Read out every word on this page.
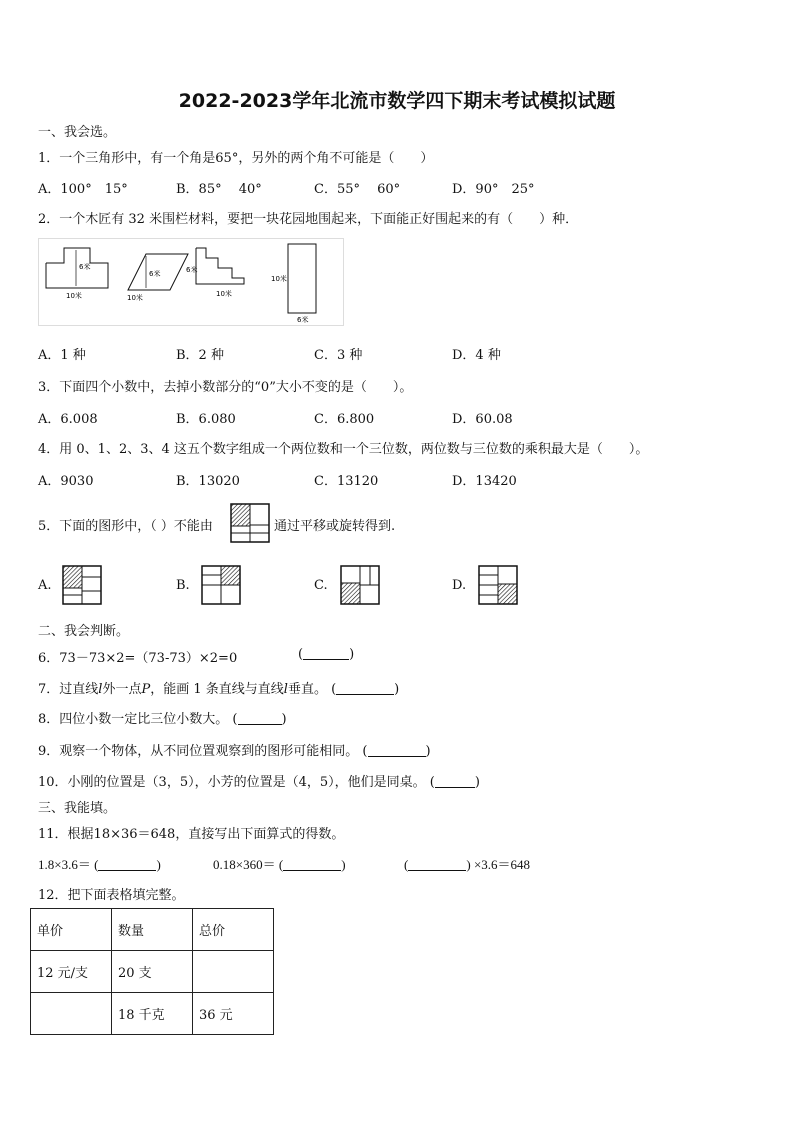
2022-2023学年北流市数学四下期末考试模拟试题
一、我会选。
1．一个三角形中，有一个角是65°，另外的两个角不可能是（　　）
A．100°　15°	B．85°　 40°	C．55°　 60°	D．90°　25°
2．一个木匠有 32 米围栏材料，要把一块花园地围起来，下面能正好围起来的有（　　）种．
6米
10米
6米
10米
6米
10米
10米
6米
A．1 种	B．2 种	C．3 种	D．4 种
3．下面四个小数中，去掉小数部分的“0”大小不变的是（　　）。
A．6.008	B．6.080	C．6.800	D．60.08
4．用 0、1、2、3、4 这五个数字组成一个两位数和一个三位数，两位数与三位数的乘积最大是（　　）。
A．9030	B．13020	C．13120	D．13420
5．下面的图形中，（ ）不能由	通过平移或旋转得到.
A.	B.	C.	D.
二、我会判断。
6．73－73×2=（73-73）×2=0	(	)
7．过直线l外一点P，能画 1 条直线与直线l垂直。 (	)
8．四位小数一定比三位小数大。 (	)
9．观察一个物体，从不同位置观察到的图形可能相同。 (	)
10．小刚的位置是（3，5），小芳的位置是（4，5），他们是同桌。 (	)
三、我能填。
11．根据18×36＝648，直接写出下面算式的得数。
1.8×3.6＝ (	)	0.18×360＝ (	)	(	) ×3.6＝648
12．把下面表格填完整。
单价	数量	总价
12 元/支	20 支	
	18 千克	36 元
